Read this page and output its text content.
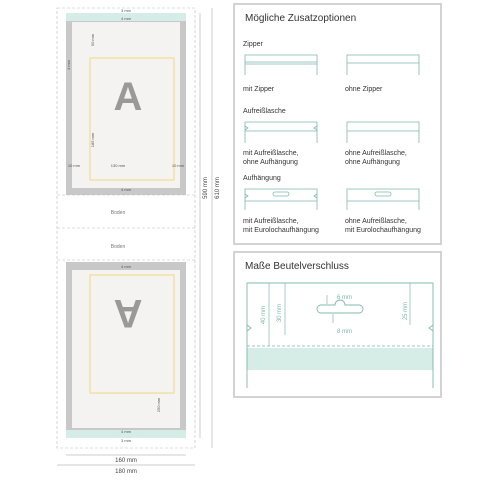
A
A
3 mm
4 mm
50 mm
185 mm
130 mm
10 mm	10 mm
4 mm
4 mm
Boden
Boden
4 mm
250 mm
4 mm
3 mm
160 mm
180 mm
590 mm 610 mm
Mögliche Zusatzoptionen
Zipper
Aufreißlasche
Aufhängung
mit Zipper	ohne Zipper
mit Aufreißlasche,
ohne Aufhängung
ohne Aufreißlasche,
ohne Aufhängung
mit Aufreißlasche,
mit Eurolochaufhängung
ohne Aufreißlasche,
mit Eurolochaufhängung
Maße Beutelverschluss
40 mm 30 mm
6 mm
8 mm
25 mm
